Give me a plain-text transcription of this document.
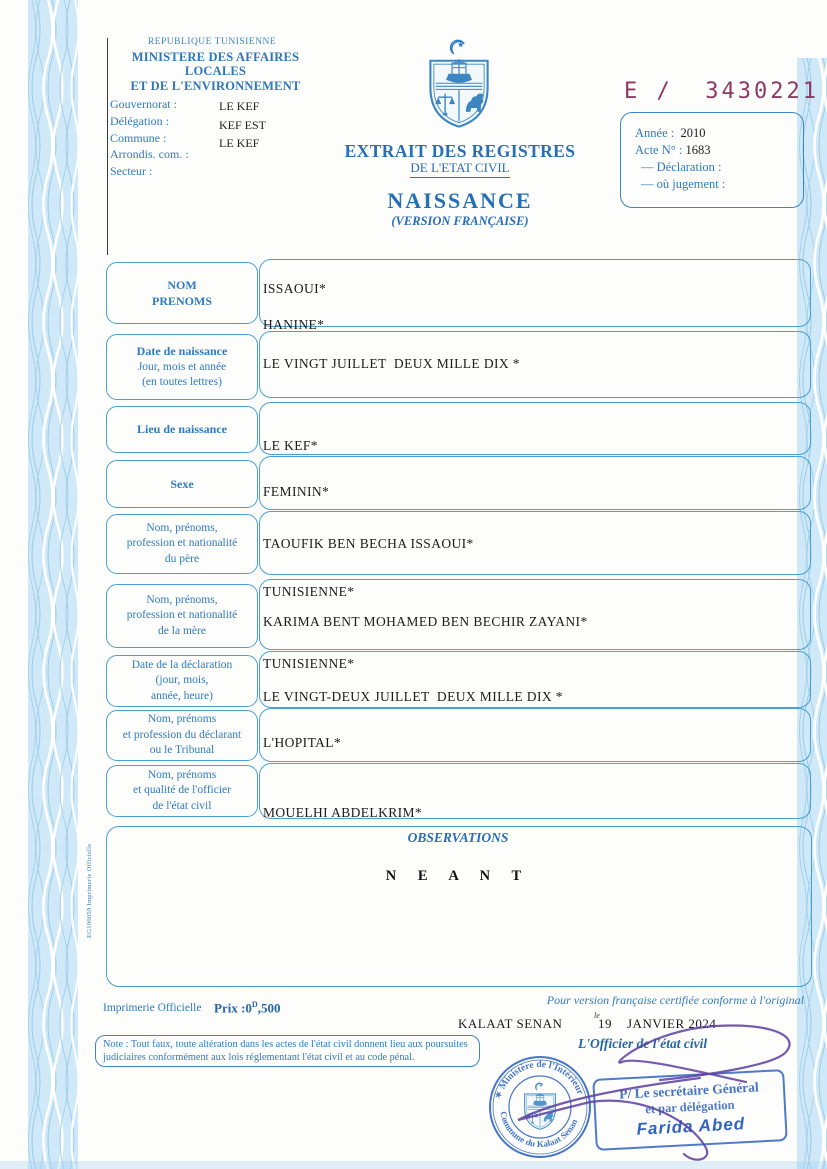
REPUBLIQUE TUNISIENNE
MINISTERE DES AFFAIRES LOCALES
ET DE L'ENVIRONNEMENT
Gouvernorat :
Délégation :
Commune :
Arrondis. com. :
Secteur :
LE KEF
KEF EST
LE KEF
E /  3430221
Année : 2010
Acte N° : 1683
— Déclaration :
— où jugement :
EXTRAIT DES REGISTRES
DE L'ETAT CIVIL
NAISSANCE
(VERSION FRANÇAISE)
NOM
PRENOMS
Date de naissance
Jour, mois et année
(en toutes lettres)
Lieu de naissance
Sexe
Nom, prénoms,
profession et nationalité
du père
Nom, prénoms,
profession et nationalité
de la mère
Date de la déclaration
(jour, mois,
année, heure)
Nom, prénoms
et profession du déclarant
ou le Tribunal
Nom, prénoms
et qualité de l'officier
de l'état civil
ISSAOUI*
HANINE*
LE VINGT JUILLET  DEUX MILLE DIX *
LE KEF*
FEMININ*
TAOUFIK BEN BECHA ISSAOUI*
TUNISIENNE*
KARIMA BENT MOHAMED BEN BECHIR ZAYANI*
TUNISIENNE*
LE VINGT-DEUX JUILLET  DEUX MILLE DIX *
L'HOPITAL*
MOUELHI ABDELKRIM*
OBSERVATIONS
N E A N T
EG100059 Imprimerie Officielle
Imprimerie Officielle Prix $:0^D,500$
Pour version française certifiée conforme à l'original
KALAAT SENAN
le
19    JANVIER 2024
L'Officier de l'état civil
Note : Tout faux, toute altération dans les actes de l'état civil donnent lieu aux poursuites judiciaires conformément aux lois réglementant l'état civil et au code pénal.
✶ Ministère de l'Intérieur
Commune du Kalaat Senan
P/ Le secrétaire Général
et par délégation
Farida Abed
